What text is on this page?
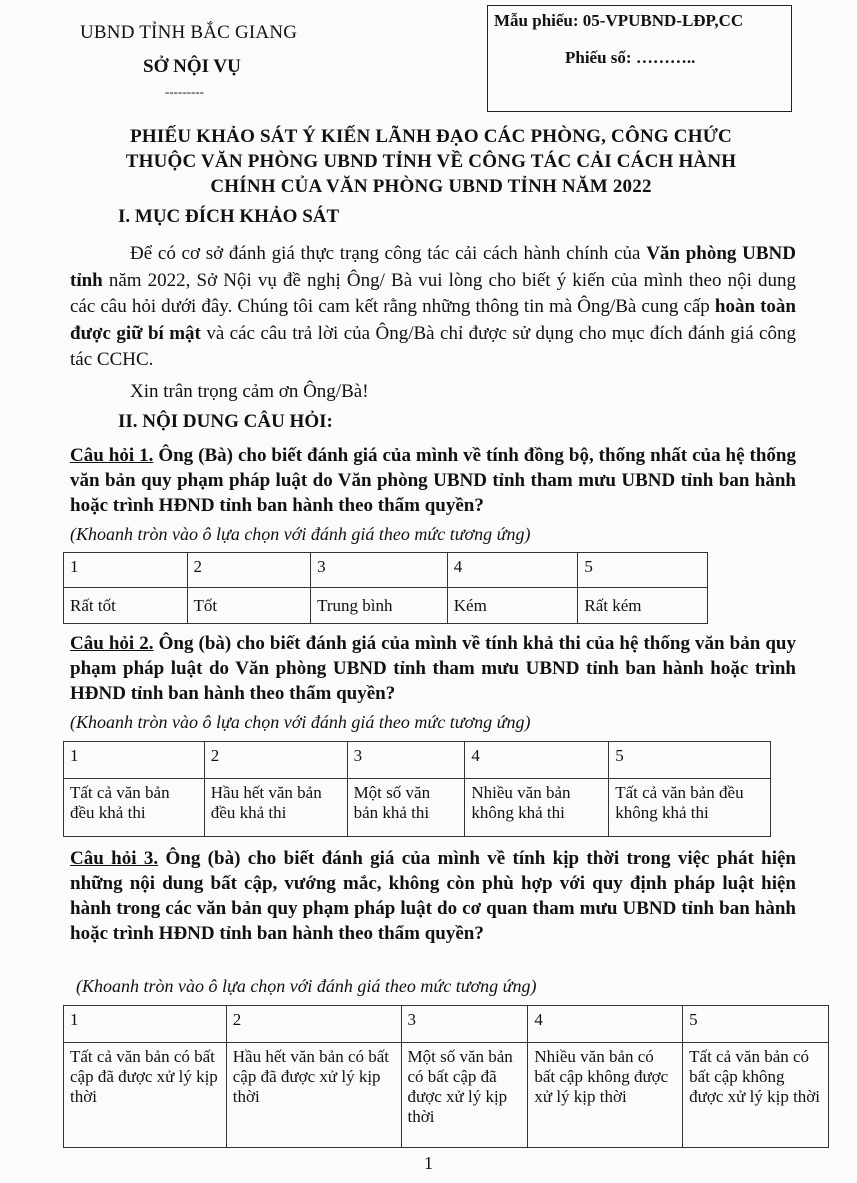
UBND TỈNH BẮC GIANG
SỞ NỘI VỤ
---------
Mẫu phiếu: 05-VPUBND-LĐP,CC
Phiếu số: ………..
PHIẾU KHẢO SÁT Ý KIẾN LÃNH ĐẠO CÁC PHÒNG, CÔNG CHỨC
THUỘC VĂN PHÒNG UBND TỈNH VỀ CÔNG TÁC CẢI CÁCH HÀNH
CHÍNH CỦA VĂN PHÒNG UBND TỈNH NĂM 2022
I. MỤC ĐÍCH KHẢO SÁT
Để có cơ sở đánh giá thực trạng công tác cải cách hành chính của Văn phòng UBND tỉnh năm 2022, Sở Nội vụ đề nghị Ông/ Bà vui lòng cho biết ý kiến của mình theo nội dung các câu hỏi dưới đây. Chúng tôi cam kết rằng những thông tin mà Ông/Bà cung cấp hoàn toàn được giữ bí mật và các câu trả lời của Ông/Bà chỉ được sử dụng cho mục đích đánh giá công tác CCHC.
Xin trân trọng cảm ơn Ông/Bà!
II. NỘI DUNG CÂU HỎI:
Câu hỏi 1. Ông (Bà) cho biết đánh giá của mình về tính đồng bộ, thống nhất của hệ thống văn bản quy phạm pháp luật do Văn phòng UBND tỉnh tham mưu UBND tỉnh ban hành hoặc trình HĐND tỉnh ban hành theo thẩm quyền?
(Khoanh tròn vào ô lựa chọn với đánh giá theo mức tương ứng)
1	2	3	4	5
Rất tốt	Tốt	Trung bình	Kém	Rất kém
Câu hỏi 2. Ông (bà) cho biết đánh giá của mình về tính khả thi của hệ thống văn bản quy phạm pháp luật do Văn phòng UBND tỉnh tham mưu UBND tỉnh ban hành hoặc trình HĐND tỉnh ban hành theo thẩm quyền?
(Khoanh tròn vào ô lựa chọn với đánh giá theo mức tương ứng)
1	2	3	4	5
Tất cả văn bản đều khả thi	Hầu hết văn bản đều khả thi	Một số văn bản khả thi	Nhiều văn bản không khả thi	Tất cả văn bản đều không khả thi
Câu hỏi 3. Ông (bà) cho biết đánh giá của mình về tính kịp thời trong việc phát hiện những nội dung bất cập, vướng mắc, không còn phù hợp với quy định pháp luật hiện hành trong các văn bản quy phạm pháp luật do cơ quan tham mưu UBND tỉnh ban hành hoặc trình HĐND tỉnh ban hành theo thẩm quyền?
(Khoanh tròn vào ô lựa chọn với đánh giá theo mức tương ứng)
1	2	3	4	5
Tất cả văn bản có bất cập đã được xử lý kịp thời	Hầu hết văn bản có bất cập đã được xử lý kịp thời	Một số văn bản có bất cập đã được xử lý kịp thời	Nhiều văn bản có bất cập không được xử lý kịp thời	Tất cả văn bản có bất cập không được xử lý kịp thời
1
